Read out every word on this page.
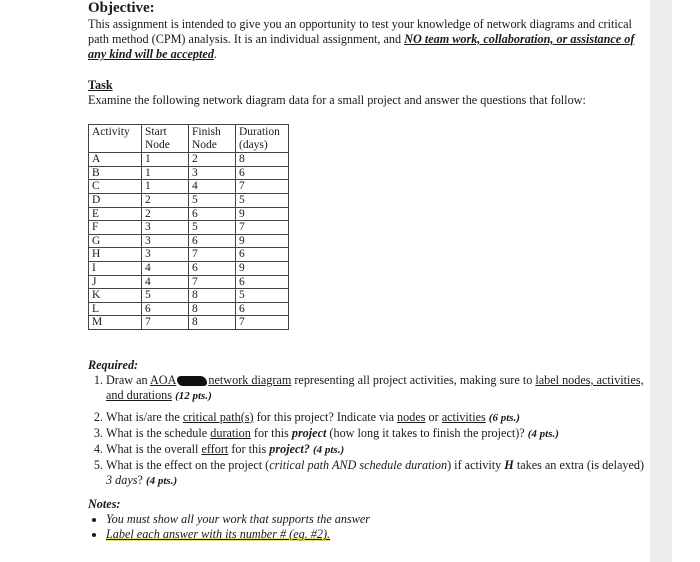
Objective:
This assignment is intended to give you an opportunity to test your knowledge of network diagrams and critical path method (CPM) analysis. It is an individual assignment, and NO team work, collaboration, or assistance of any kind will be accepted.
Task
Examine the following network diagram data for a small project and answer the questions that follow:
Activity	Start Node	Finish Node	Duration (days)
A	1	2	8
B	1	3	6
C	1	4	7
D	2	5	5
E	2	6	9
F	3	5	7
G	3	6	9
H	3	7	6
I	4	6	9
J	4	7	6
K	5	8	5
L	6	8	6
M	7	8	7
Required:
1. Draw an AOA	network diagram representing all project activities, making sure to label nodes, activities, and durations (12 pts.)
2. What is/are the critical path(s) for this project? Indicate via nodes or activities (6 pts.)
3. What is the schedule duration for this project (how long it takes to finish the project)? (4 pts.)
4. What is the overall effort for this project? (4 pts.)
5. What is the effect on the project (critical path AND schedule duration) if activity H takes an extra (is delayed) 3 days? (4 pts.)
Notes:
• You must show all your work that supports the answer
• Label each answer with its number # (eg. #2).
